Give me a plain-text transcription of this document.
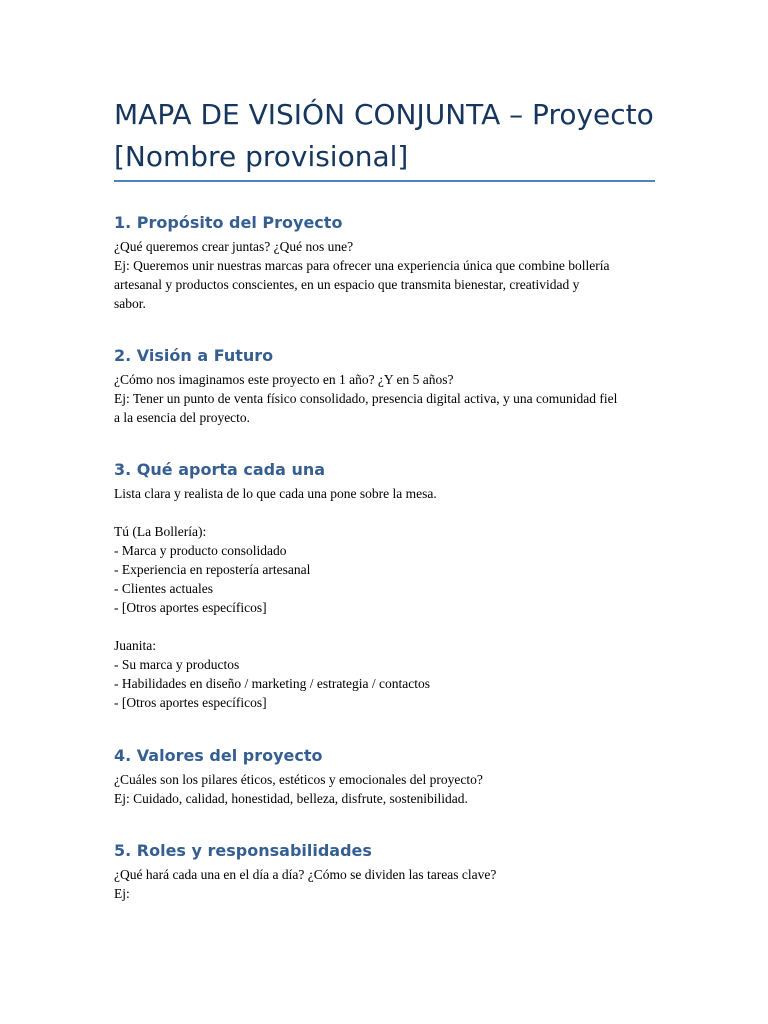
MAPA DE VISIÓN CONJUNTA – Proyecto [Nombre provisional]
1. Propósito del Proyecto
¿Qué queremos crear juntas? ¿Qué nos une?
Ej: Queremos unir nuestras marcas para ofrecer una experiencia única que combine bollería
artesanal y productos conscientes, en un espacio que transmita bienestar, creatividad y
sabor.
2. Visión a Futuro
¿Cómo nos imaginamos este proyecto en 1 año? ¿Y en 5 años?
Ej: Tener un punto de venta físico consolidado, presencia digital activa, y una comunidad fiel
a la esencia del proyecto.
3. Qué aporta cada una
Lista clara y realista de lo que cada una pone sobre la mesa.
Tú (La Bollería):
- Marca y producto consolidado
- Experiencia en repostería artesanal
- Clientes actuales
- [Otros aportes específicos]
Juanita:
- Su marca y productos
- Habilidades en diseño / marketing / estrategia / contactos
- [Otros aportes específicos]
4. Valores del proyecto
¿Cuáles son los pilares éticos, estéticos y emocionales del proyecto?
Ej: Cuidado, calidad, honestidad, belleza, disfrute, sostenibilidad.
5. Roles y responsabilidades
¿Qué hará cada una en el día a día? ¿Cómo se dividen las tareas clave?
Ej:
